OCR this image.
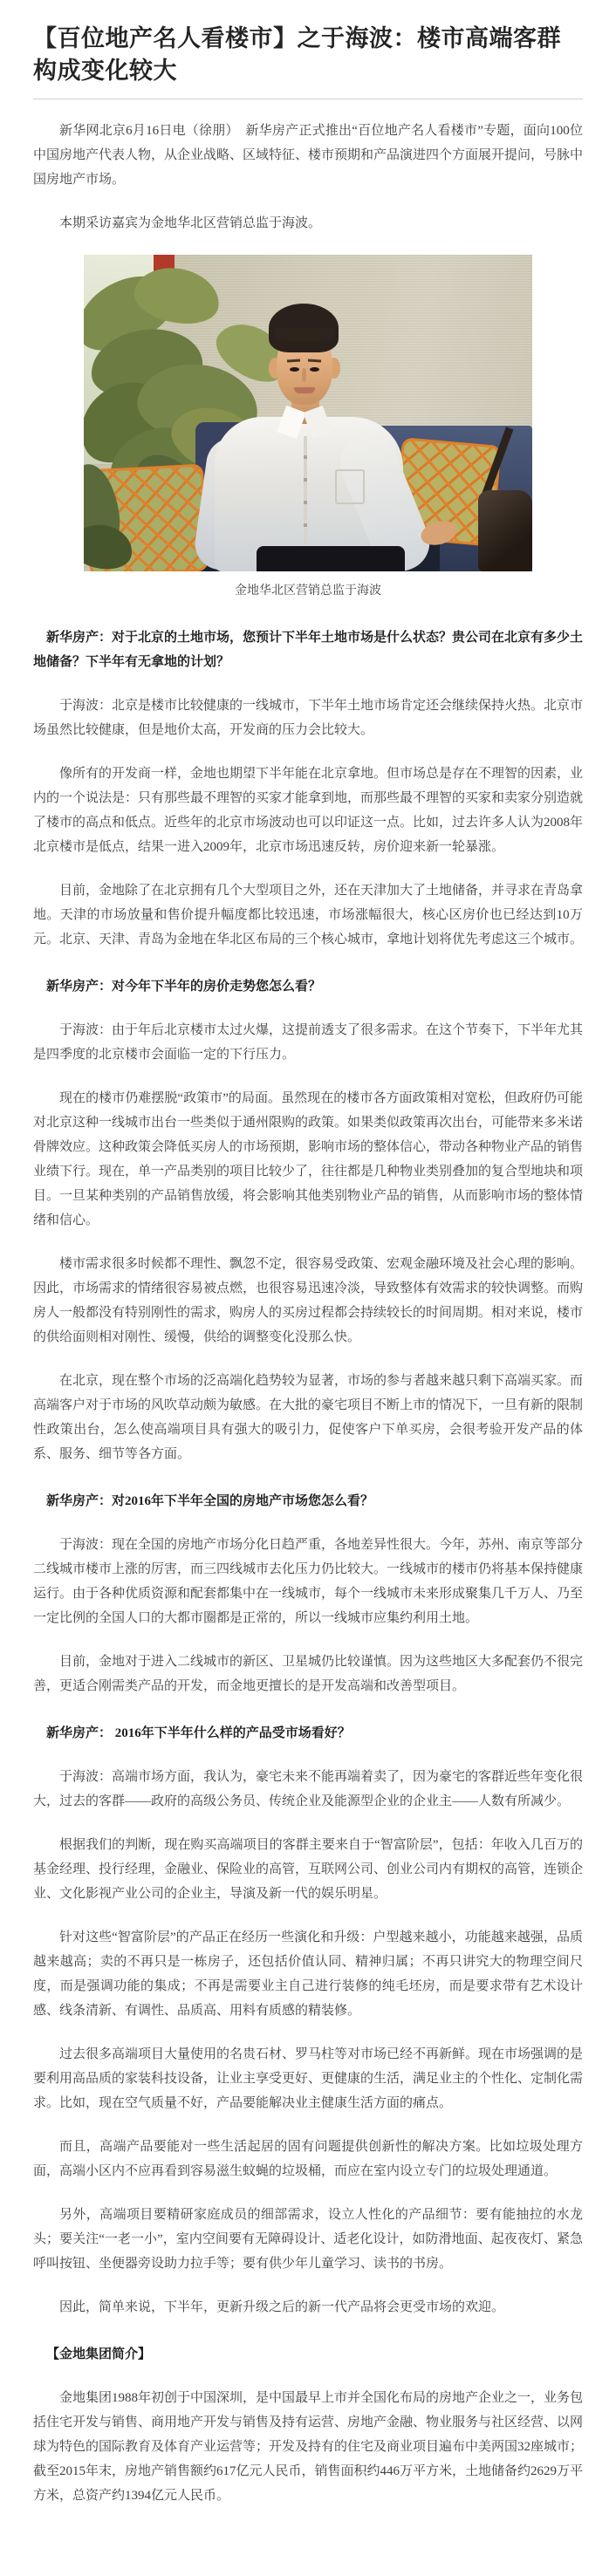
【百位地产名人看楼市】之于海波：楼市高端客群构成变化较大

新华网北京6月16日电（徐朋）　新华房产正式推出“百位地产名人看楼市”专题，面向100位中国房地产代表人物，从企业战略、区域特征、楼市预期和产品演进四个方面展开提问，号脉中国房地产市场。

本期采访嘉宾为金地华北区营销总监于海波。

金地华北区营销总监于海波

新华房产：对于北京的土地市场，您预计下半年土地市场是什么状态？贵公司在北京有多少土地储备？下半年有无拿地的计划？

于海波：北京是楼市比较健康的一线城市，下半年土地市场肯定还会继续保持火热。北京市场虽然比较健康，但是地价太高，开发商的压力会比较大。

像所有的开发商一样，金地也期望下半年能在北京拿地。但市场总是存在不理智的因素，业内的一个说法是：只有那些最不理智的买家才能拿到地，而那些最不理智的买家和卖家分别造就了楼市的高点和低点。近些年的北京市场波动也可以印证这一点。比如，过去许多人认为2008年北京楼市是低点，结果一进入2009年，北京市场迅速反转，房价迎来新一轮暴涨。

目前，金地除了在北京拥有几个大型项目之外，还在天津加大了土地储备，并寻求在青岛拿地。天津的市场放量和售价提升幅度都比较迅速，市场涨幅很大，核心区房价也已经达到10万元。北京、天津、青岛为金地在华北区布局的三个核心城市，拿地计划将优先考虑这三个城市。

新华房产：对今年下半年的房价走势您怎么看？

于海波：由于年后北京楼市太过火爆，这提前透支了很多需求。在这个节奏下，下半年尤其是四季度的北京楼市会面临一定的下行压力。

现在的楼市仍难摆脱“政策市”的局面。虽然现在的楼市各方面政策相对宽松，但政府仍可能对北京这种一线城市出台一些类似于通州限购的政策。如果类似政策再次出台，可能带来多米诺骨牌效应。这种政策会降低买房人的市场预期，影响市场的整体信心，带动各种物业产品的销售业绩下行。现在，单一产品类别的项目比较少了，往往都是几种物业类别叠加的复合型地块和项目。一旦某种类别的产品销售放缓，将会影响其他类别物业产品的销售，从而影响市场的整体情绪和信心。

楼市需求很多时候都不理性、飘忽不定，很容易受政策、宏观金融环境及社会心理的影响。因此，市场需求的情绪很容易被点燃，也很容易迅速冷淡，导致整体有效需求的较快调整。而购房人一般都没有特别刚性的需求，购房人的买房过程都会持续较长的时间周期。相对来说，楼市的供给面则相对刚性、缓慢，供给的调整变化没那么快。

在北京，现在整个市场的泛高端化趋势较为显著，市场的参与者越来越只剩下高端买家。而高端客户对于市场的风吹草动颇为敏感。在大批的豪宅项目不断上市的情况下，一旦有新的限制性政策出台，怎么使高端项目具有强大的吸引力，促使客户下单买房，会很考验开发产品的体系、服务、细节等各方面。

新华房产：对2016年下半年全国的房地产市场您怎么看？

于海波：现在全国的房地产市场分化日趋严重，各地差异性很大。今年，苏州、南京等部分二线城市楼市上涨的厉害，而三四线城市去化压力仍比较大。一线城市的楼市仍将基本保持健康运行。由于各种优质资源和配套都集中在一线城市，每个一线城市未来形成聚集几千万人、乃至一定比例的全国人口的大都市圈都是正常的，所以一线城市应集约利用土地。

目前，金地对于进入二线城市的新区、卫星城仍比较谨慎。因为这些地区大多配套仍不很完善，更适合刚需类产品的开发，而金地更擅长的是开发高端和改善型项目。

新华房产： 2016年下半年什么样的产品受市场看好？

于海波：高端市场方面，我认为，豪宅未来不能再端着卖了，因为豪宅的客群近些年变化很大，过去的客群——政府的高级公务员、传统企业及能源型企业的企业主——人数有所减少。

根据我们的判断，现在购买高端项目的客群主要来自于“智富阶层”，包括：年收入几百万的基金经理、投行经理，金融业、保险业的高管，互联网公司、创业公司内有期权的高管，连锁企业、文化影视产业公司的企业主，导演及新一代的娱乐明星。

针对这些“智富阶层”的产品正在经历一些演化和升级：户型越来越小，功能越来越强，品质越来越高；卖的不再只是一栋房子，还包括价值认同、精神归属；不再只讲究大的物理空间尺度，而是强调功能的集成；不再是需要业主自己进行装修的纯毛坯房，而是要求带有艺术设计感、线条清新、有调性、品质高、用料有质感的精装修。

过去很多高端项目大量使用的名贵石材、罗马柱等对市场已经不再新鲜。现在市场强调的是要利用高品质的家装科技设备，让业主享受更好、更健康的生活，满足业主的个性化、定制化需求。比如，现在空气质量不好，产品要能解决业主健康生活方面的痛点。

而且，高端产品要能对一些生活起居的固有问题提供创新性的解决方案。比如垃圾处理方面，高端小区内不应再看到容易滋生蚊蝇的垃圾桶，而应在室内设立专门的垃圾处理通道。

另外，高端项目要精研家庭成员的细部需求，设立人性化的产品细节：要有能抽拉的水龙头；要关注“一老一小”，室内空间要有无障碍设计、适老化设计，如防滑地面、起夜夜灯、紧急呼叫按钮、坐便器旁设助力拉手等；要有供少年儿童学习、读书的书房。

因此，简单来说，下半年，更新升级之后的新一代产品将会更受市场的欢迎。

【金地集团简介】

金地集团1988年初创于中国深圳，是中国最早上市并全国化布局的房地产企业之一，业务包括住宅开发与销售、商用地产开发与销售及持有运营、房地产金融、物业服务与社区经营、以网球为特色的国际教育及体育产业运营等；开发及持有的住宅及商业项目遍布中美两国32座城市；截至2015年末，房地产销售额约617亿元人民币，销售面积约446万平方米，土地储备约2629万平方米，总资产约1394亿元人民币。
